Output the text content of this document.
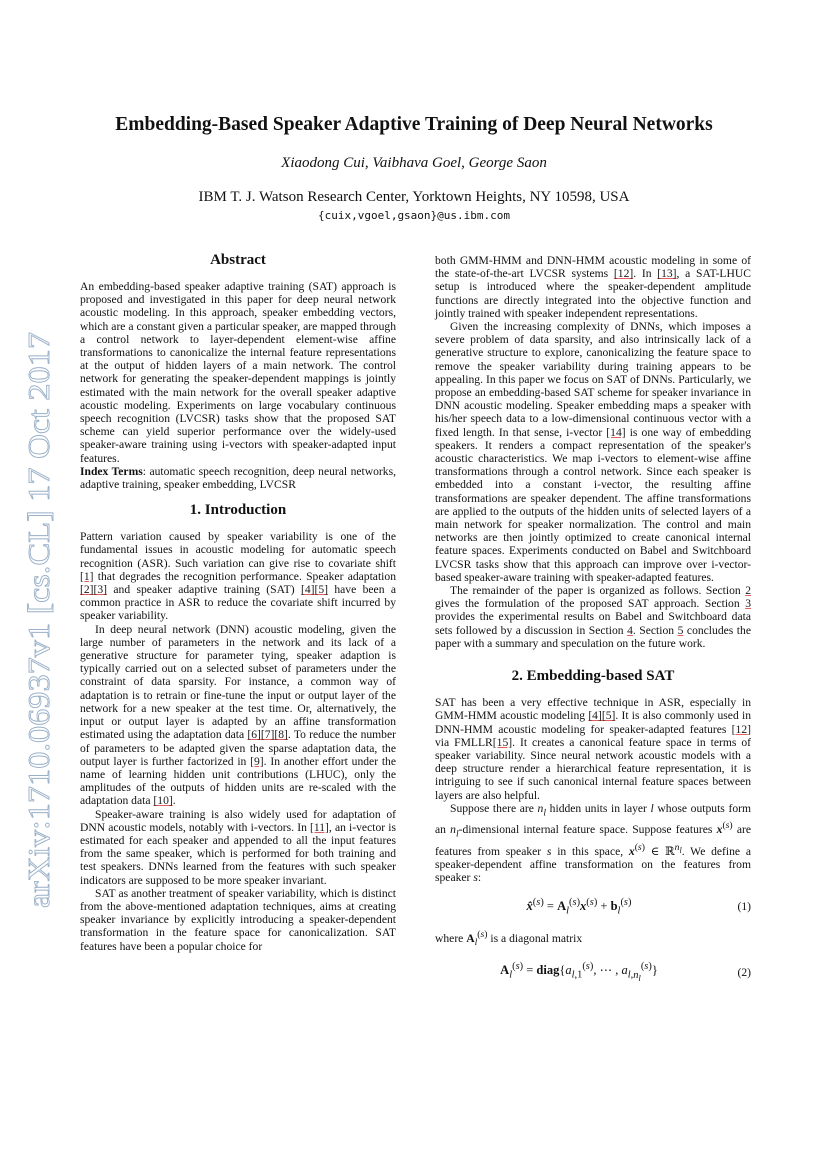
arXiv:1710.06937v1 [cs.CL] 17 Oct 2017
Embedding-Based Speaker Adaptive Training of Deep Neural Networks
Xiaodong Cui, Vaibhava Goel, George Saon
IBM T. J. Watson Research Center, Yorktown Heights, NY 10598, USA
{cuix,vgoel,gsaon}@us.ibm.com
Abstract

An embedding-based speaker adaptive training (SAT) approach is proposed and investigated in this paper for deep neural network acoustic modeling. In this approach, speaker embedding vectors, which are a constant given a particular speaker, are mapped through a control network to layer-dependent element-wise affine transformations to canonicalize the internal feature representations at the output of hidden layers of a main network. The control network for generating the speaker-dependent mappings is jointly estimated with the main network for the overall speaker adaptive acoustic modeling. Experiments on large vocabulary continuous speech recognition (LVCSR) tasks show that the proposed SAT scheme can yield superior performance over the widely-used speaker-aware training using i-vectors with speaker-adapted input features.

Index Terms: automatic speech recognition, deep neural networks, adaptive training, speaker embedding, LVCSR

1. Introduction

Pattern variation caused by speaker variability is one of the fundamental issues in acoustic modeling for automatic speech recognition (ASR). Such variation can give rise to covariate shift [1] that degrades the recognition performance. Speaker adaptation [2][3] and speaker adaptive training (SAT) [4][5] have been a common practice in ASR to reduce the covariate shift incurred by speaker variability.

In deep neural network (DNN) acoustic modeling, given the large number of parameters in the network and its lack of a generative structure for parameter tying, speaker adaption is typically carried out on a selected subset of parameters under the constraint of data sparsity. For instance, a common way of adaptation is to retrain or fine-tune the input or output layer of the network for a new speaker at the test time. Or, alternatively, the input or output layer is adapted by an affine transformation estimated using the adaptation data [6][7][8]. To reduce the number of parameters to be adapted given the sparse adaptation data, the output layer is further factorized in [9]. In another effort under the name of learning hidden unit contributions (LHUC), only the amplitudes of the outputs of hidden units are re-scaled with the adaptation data [10].

Speaker-aware training is also widely used for adaptation of DNN acoustic models, notably with i-vectors. In [11], an i-vector is estimated for each speaker and appended to all the input features from the same speaker, which is performed for both training and test speakers. DNNs learned from the features with such speaker indicators are supposed to be more speaker invariant.

SAT as another treatment of speaker variability, which is distinct from the above-mentioned adaptation techniques, aims at creating speaker invariance by explicitly introducing a speaker-dependent transformation in the feature space for canonicalization. SAT features have been a popular choice for

both GMM-HMM and DNN-HMM acoustic modeling in some of the state-of-the-art LVCSR systems [12]. In [13], a SAT-LHUC setup is introduced where the speaker-dependent amplitude functions are directly integrated into the objective function and jointly trained with speaker independent representations.

Given the increasing complexity of DNNs, which imposes a severe problem of data sparsity, and also intrinsically lack of a generative structure to explore, canonicalizing the feature space to remove the speaker variability during training appears to be appealing. In this paper we focus on SAT of DNNs. Particularly, we propose an embedding-based SAT scheme for speaker invariance in DNN acoustic modeling. Speaker embedding maps a speaker with his/her speech data to a low-dimensional continuous vector with a fixed length. In that sense, i-vector [14] is one way of embedding speakers. It renders a compact representation of the speaker's acoustic characteristics. We map i-vectors to element-wise affine transformations through a control network. Since each speaker is embedded into a constant i-vector, the resulting affine transformations are speaker dependent. The affine transformations are applied to the outputs of the hidden units of selected layers of a main network for speaker normalization. The control and main networks are then jointly optimized to create canonical internal feature spaces. Experiments conducted on Babel and Switchboard LVCSR tasks show that this approach can improve over i-vector-based speaker-aware training with speaker-adapted features.

The remainder of the paper is organized as follows. Section 2 gives the formulation of the proposed SAT approach. Section 3 provides the experimental results on Babel and Switchboard data sets followed by a discussion in Section 4. Section 5 concludes the paper with a summary and speculation on the future work.

2. Embedding-based SAT

SAT has been a very effective technique in ASR, especially in GMM-HMM acoustic modeling [4][5]. It is also commonly used in DNN-HMM acoustic modeling for speaker-adapted features [12] via FMLLR[15]. It creates a canonical feature space in terms of speaker variability. Since neural network acoustic models with a deep structure render a hierarchical feature representation, it is intriguing to see if such canonical internal feature spaces between layers are also helpful.

Suppose there are $n_l$ hidden units in layer l whose outputs form an $n_l$-dimensional internal feature space. Suppose features $x^{(s)}$ are features from speaker s in this space, $x^{(s)}$ ∈ ℝ$^{n_l}$. We define a speaker-dependent affine transformation on the features from speaker s:

x̂$^{(s)}$ = $A_l^{(s)}x^{(s)} + b_l^{(s)}$	(1)

where $A_l^{(s)}$ is a diagonal matrix

$A_l^{(s)}$ = $diag\{a_{l,1}^{(s)}$, ⋯ , $a_{l,n_l}^{(s)}$}	(2)
